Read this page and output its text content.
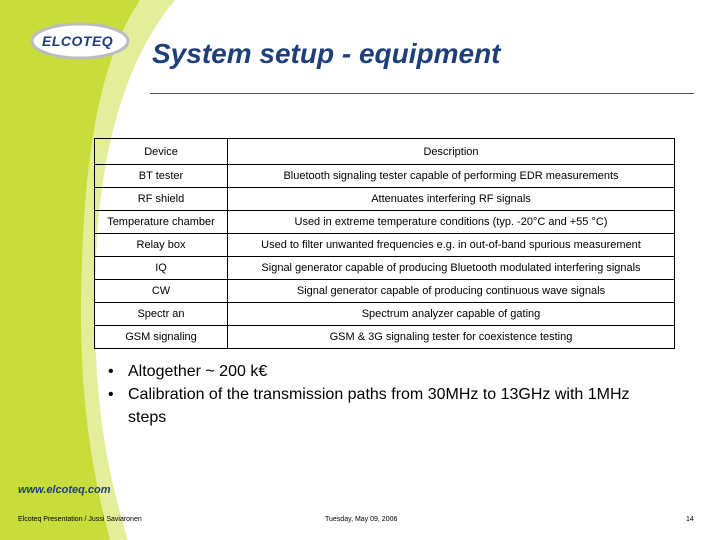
ELCOTEQ System setup - equipment
Device	Description
BT tester	Bluetooth signaling tester capable of performing EDR measurements
RF shield	Attenuates interfering RF signals
Temperature chamber	Used in extreme temperature conditions (typ. -20°C and +55 °C)
Relay box	Used to filter unwanted frequencies e.g. in out-of-band spurious measurement
IQ	Signal generator capable of producing Bluetooth modulated interfering signals
CW	Signal generator capable of producing continuous wave signals
Spectr an	Spectrum analyzer capable of gating
GSM signaling	GSM & 3G signaling tester for coexistence testing
• Altogether ~ 200 k€
• Calibration of the transmission paths from 30MHz to 13GHz with 1MHz steps
www.elcoteq.com
Elcoteq Presentation / Jussi Saviaronen	Tuesday, May 09, 2006	14
